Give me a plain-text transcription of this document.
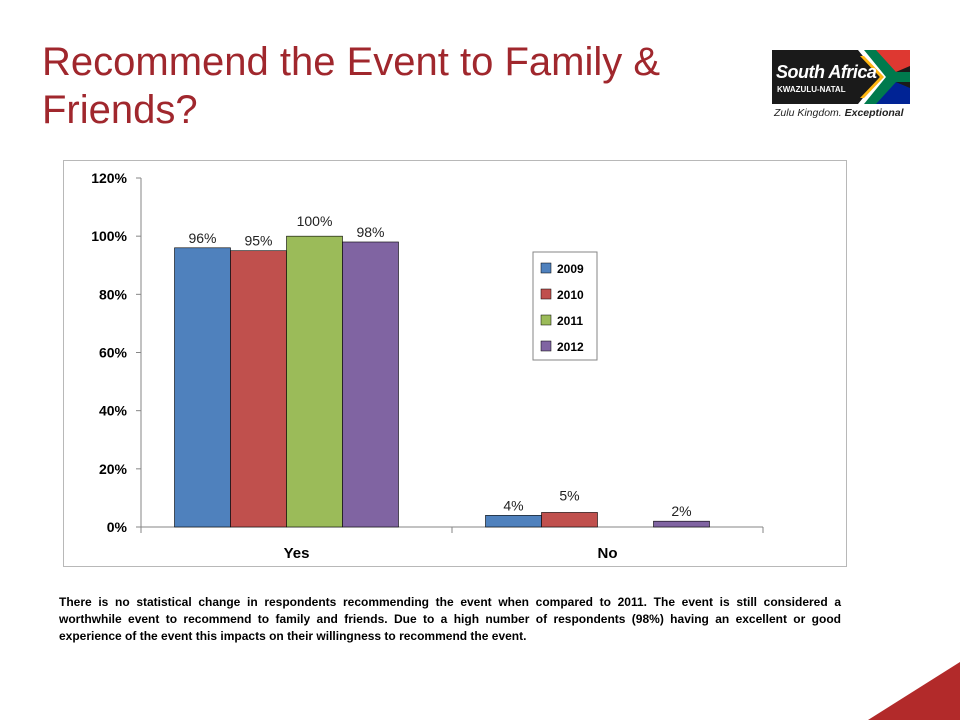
Recommend the Event to Family & Friends?
South Africa
KWAZULU-NATAL
Zulu Kingdom. Exceptional
0%
20%
40%
60%
80%
100%
120%
96% 95%
100%
98%
Yes
4%
5%
2%
No
2009
2010
2011
2012
There is no statistical change in respondents recommending the event when compared to 2011. The event is still considered a worthwhile event to recommend to family and friends. Due to a high number of respondents (98%) having an excellent or good experience of the event this impacts on their willingness to recommend the event.
